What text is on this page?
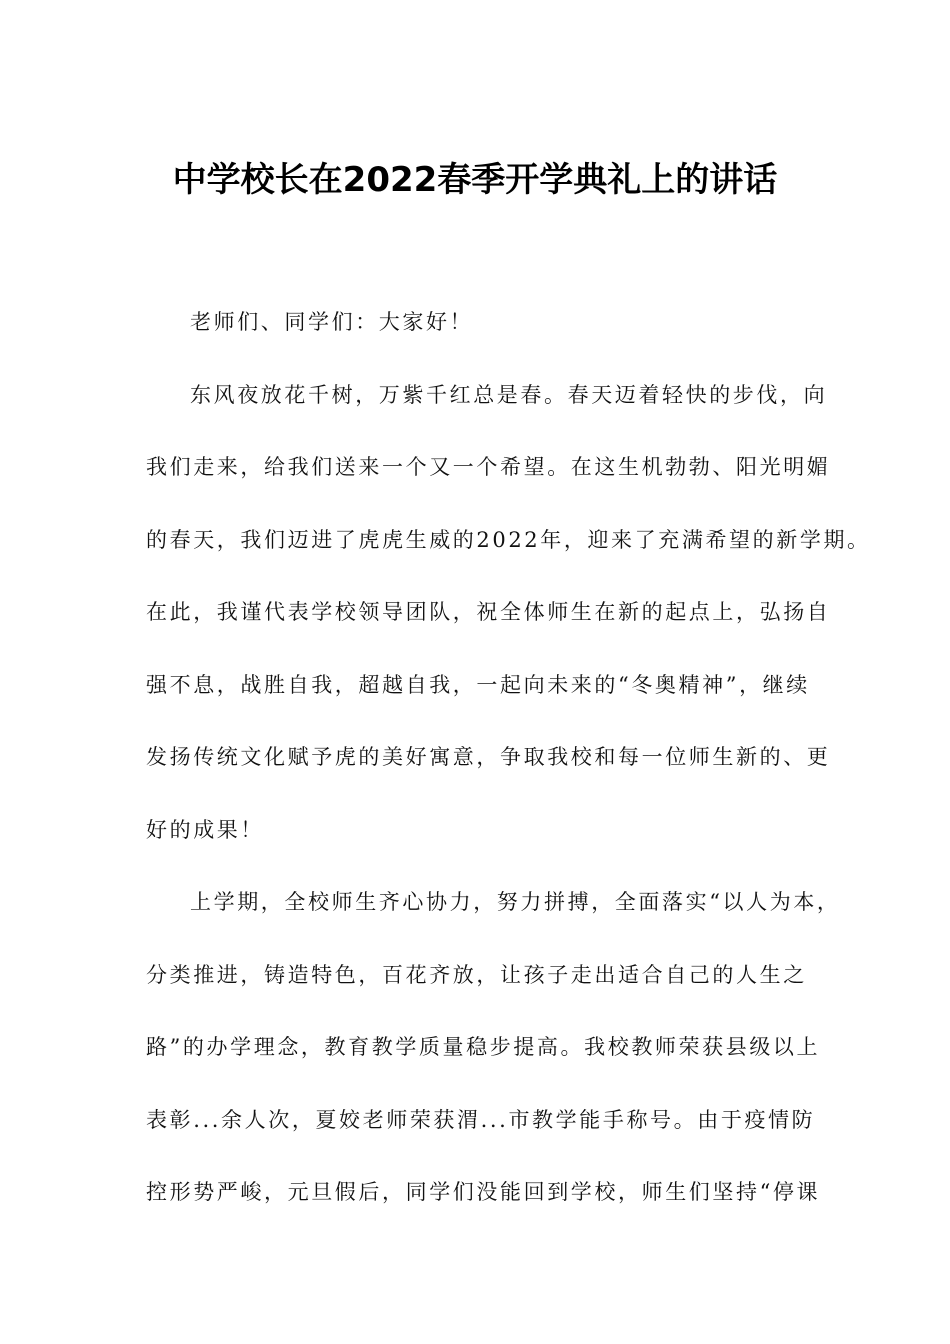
中学校长在2022春季开学典礼上的讲话
老师们、同学们：大家好！
东风夜放花千树，万紫千红总是春。春天迈着轻快的步伐，向
我们走来，给我们送来一个又一个希望。在这生机勃勃、阳光明媚
的春天，我们迈进了虎虎生威的2022年，迎来了充满希望的新学期。
在此，我谨代表学校领导团队，祝全体师生在新的起点上，弘扬自
强不息，战胜自我，超越自我，一起向未来的“冬奥精神”，继续
发扬传统文化赋予虎的美好寓意，争取我校和每一位师生新的、更
好的成果！
上学期，全校师生齐心协力，努力拼搏，全面落实“以人为本，
分类推进，铸造特色，百花齐放，让孩子走出适合自己的人生之
路”的办学理念，教育教学质量稳步提高。我校教师荣获县级以上
表彰...余人次，夏姣老师荣获渭...市教学能手称号。由于疫情防
控形势严峻，元旦假后，同学们没能回到学校，师生们坚持“停课
